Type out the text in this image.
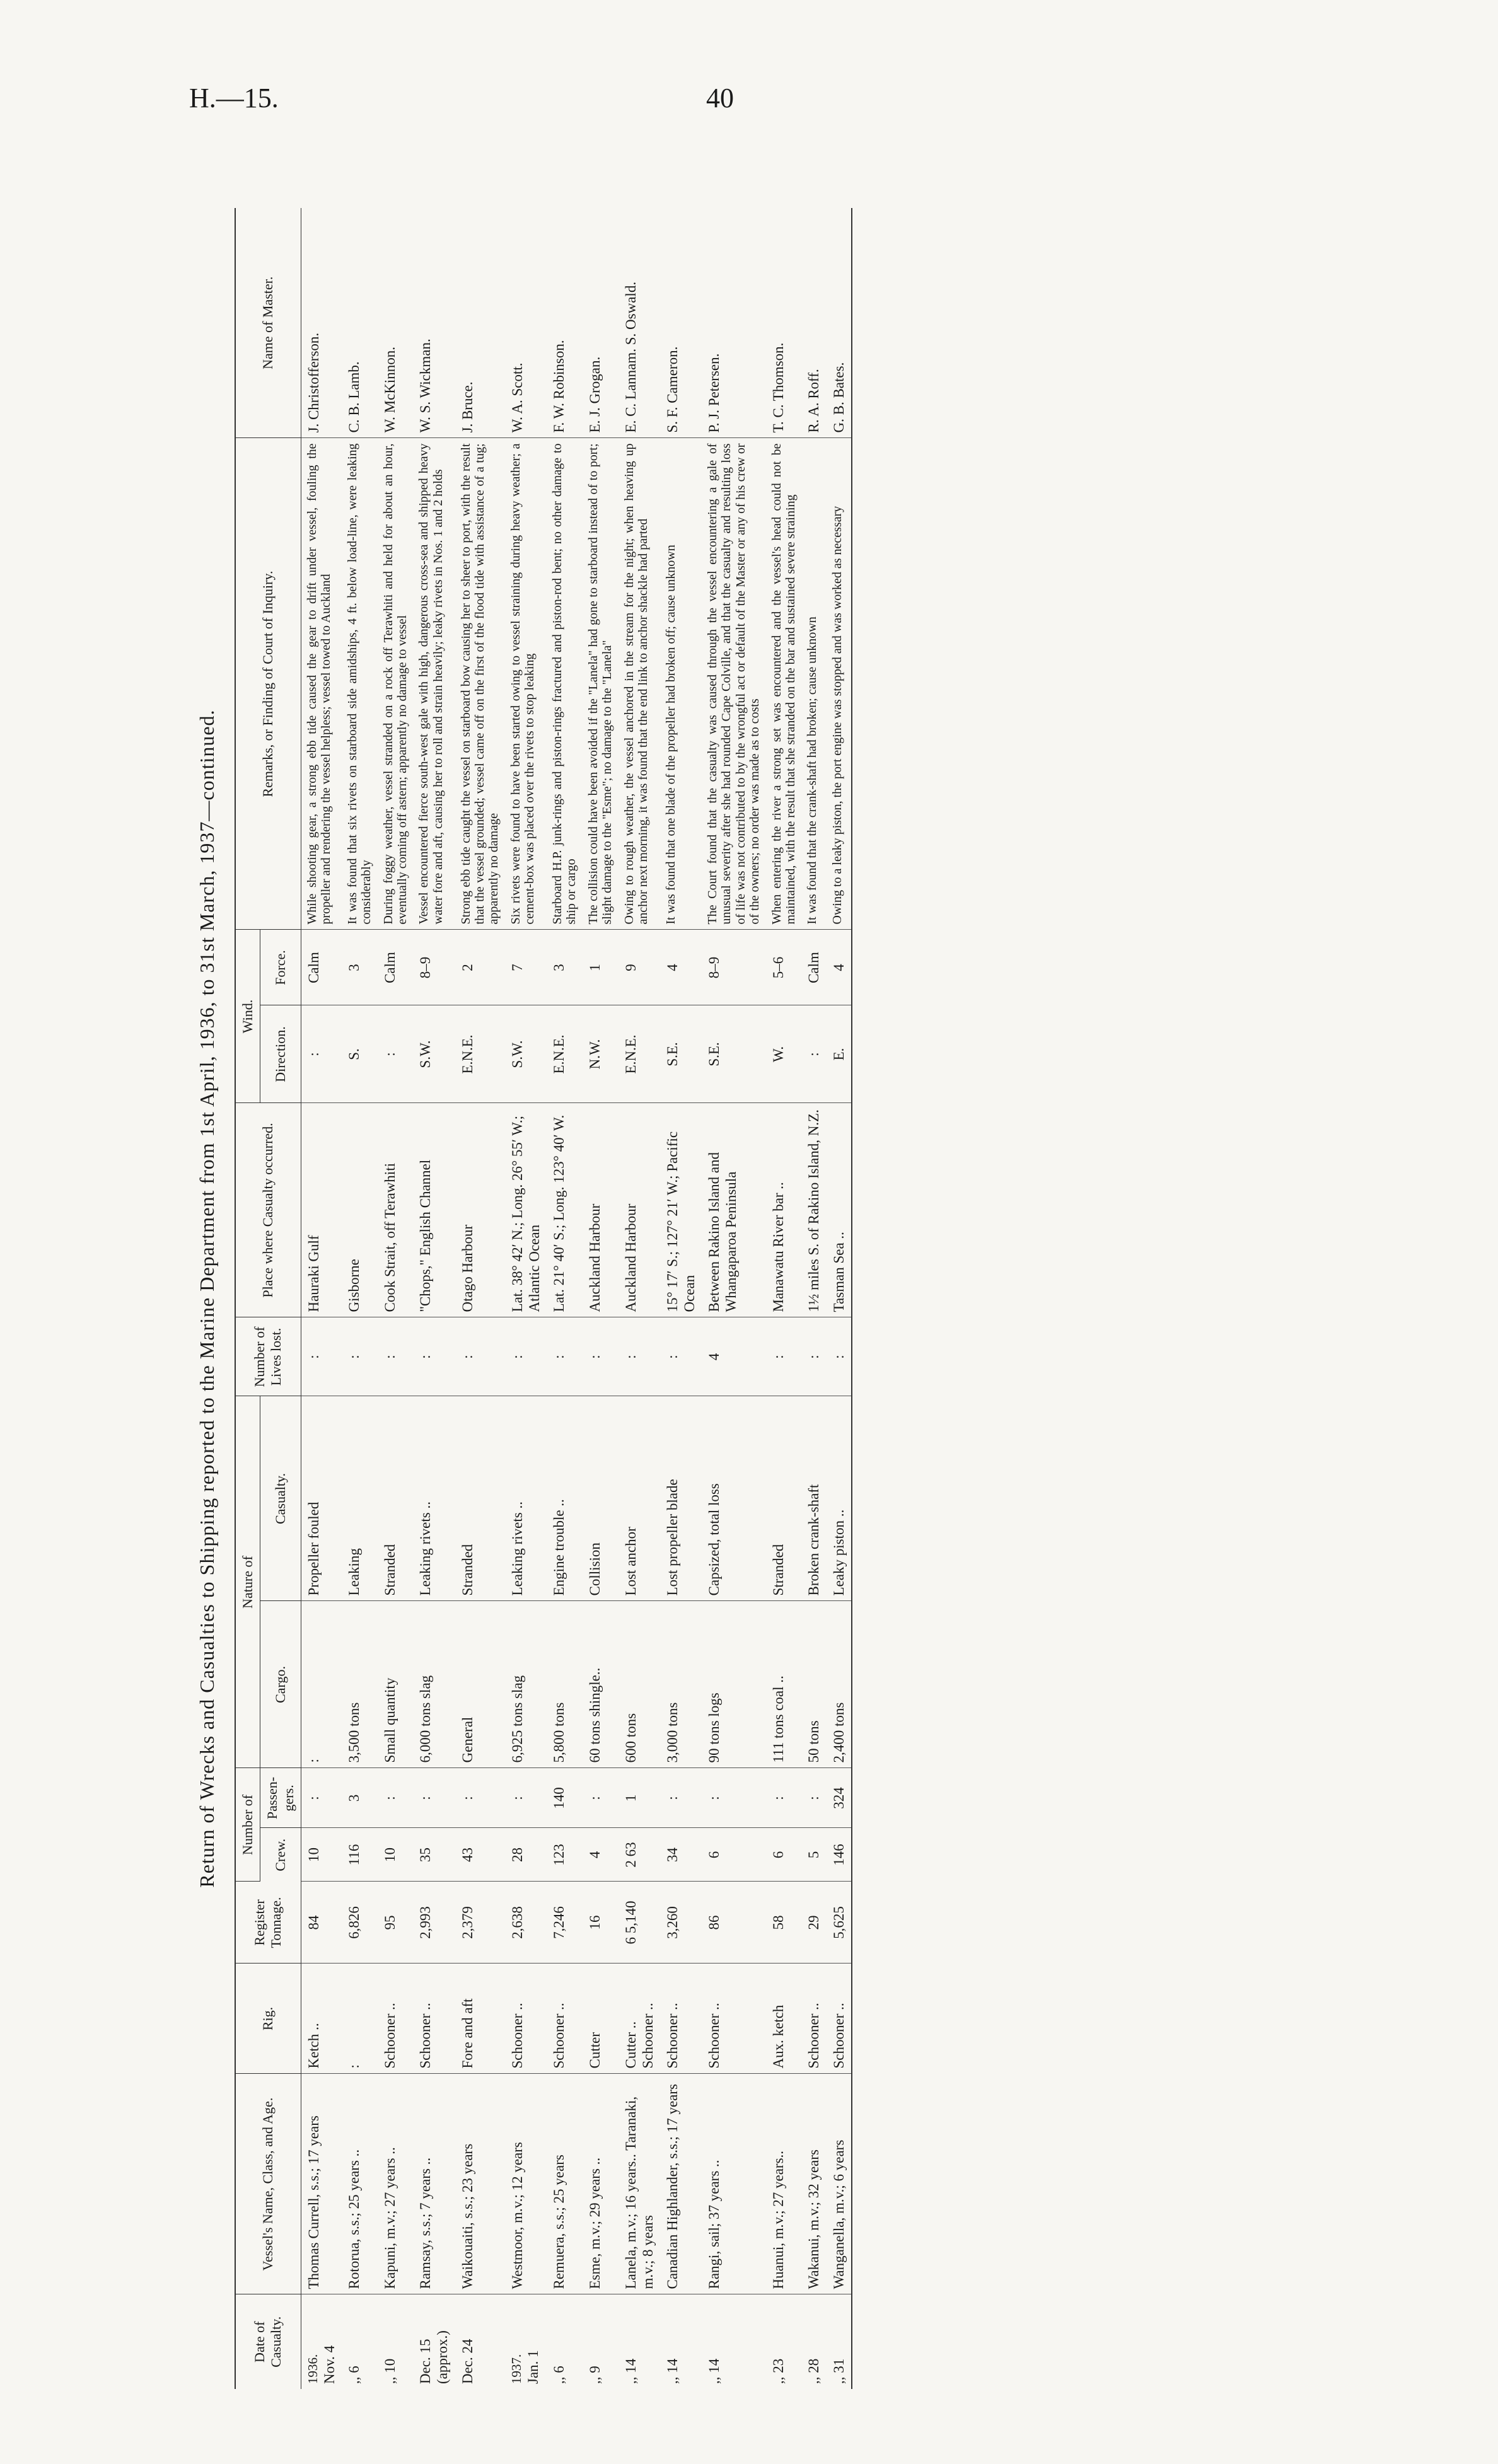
H.—15.	40
Return of Wrecks and Casualties to Shipping reported to the Marine Department from 1st April, 1936, to 31st March, 1937—continued.
Date of Casualty.	Vessel's Name, Class, and Age.	Rig.	Register Tonnage.	Number of		Nature of		Number of Lives lost.	Place where Casualty occurred.	Wind.		Remarks, or Finding of Court of Inquiry.	Name of Master.
				Crew.	Passen-gers.	Cargo.	Casualty.			Direction.	Force.		

1936. Nov. 4	Thomas Currell, s.s.; 17 years	Ketch ..	84	10	:	:	Propeller fouled	:	Hauraki Gulf	:	Calm	While shooting gear, a strong ebb tide caused the gear to drift under vessel, fouling the propeller and rendering the vessel helpless; vessel towed to Auckland	J. Christofferson.
,, 6	Rotorua, s.s.; 25 years ..	:	6,826	116	3	3,500 tons	Leaking	:	Gisborne	S.	3	It was found that six rivets on starboard side amidships, 4 ft. below load-line, were leaking considerably	C. B. Lamb.
,, 10	Kapuni, m.v.; 27 years ..	Schooner ..	95	10	:	Small quantity	Stranded	:	Cook Strait, off Terawhiti	:	Calm	During foggy weather, vessel stranded on a rock off Terawhiti and held for about an hour, eventually coming off astern; apparently no damage to vessel	W. McKinnon.
Dec. 15 (approx.)	Ramsay, s.s.; 7 years ..	Schooner ..	2,993	35	:	6,000 tons slag	Leaking rivets ..	:	"Chops," English Channel	S.W.	8–9	Vessel encountered fierce south-west gale with high, dangerous cross-sea and shipped heavy water fore and aft, causing her to roll and strain heavily; leaky rivets in Nos. 1 and 2 holds	W. S. Wickman.
Dec. 24	Waikouaiti, s.s.; 23 years	Fore and aft	2,379	43	:	General	Stranded	:	Otago Harbour	E.N.E.	2	Strong ebb tide caught the vessel on starboard bow causing her to sheer to port, with the result that the vessel grounded; vessel came off on the first of the flood tide with assistance of a tug; apparently no damage	J. Bruce.

1937. Jan. 1	Westmoor, m.v.; 12 years	Schooner ..	2,638	28	:	6,925 tons slag	Leaking rivets ..	:	Lat. 38° 42′ N.; Long. 26° 55′ W.; Atlantic Ocean	S.W.	7	Six rivets were found to have been started owing to vessel straining during heavy weather; a cement-box was placed over the rivets to stop leaking	W. A. Scott.
,, 6	Remuera, s.s.; 25 years	Schooner ..	7,246	123	140	5,800 tons	Engine trouble ..	:	Lat. 21° 40′ S.; Long. 123° 40′ W.	E.N.E.	3	Starboard H.P. junk-rings and piston-rings fractured and piston-rod bent; no other damage to ship or cargo	F. W. Robinson.
,, 9	Esme, m.v.; 29 years ..	Cutter	16	4	:	60 tons shingle..	Collision	:	Auckland Harbour	N.W.	1	The collision could have been avoided if the "Lanela" had gone to starboard instead of to port; slight damage to the "Esme"; no damage to the "Lanela"	E. J. Grogan.
,, 14	Lanela, m.v.; 16 years.. Taranaki, m.v.; 8 years	Cutter .. Schooner ..	6 5,140	2 63	1	600 tons	Lost anchor	:	Auckland Harbour	E.N.E.	9	Owing to rough weather, the vessel anchored in the stream for the night; when heaving up anchor next morning, it was found that the end link to anchor shackle had parted	E. C. Lannam. S. Oswald.
,, 14	Canadian Highlander, s.s.; 17 years	Schooner ..	3,260	34	:	3,000 tons	Lost propeller blade	:	15° 17′ S.; 127° 21′ W.; Pacific Ocean	S.E.	4	It was found that one blade of the propeller had broken off; cause unknown	S. F. Cameron.
,, 14	Rangi, sail; 37 years ..	Schooner ..	86	6	:	90 tons logs	Capsized, total loss	4	Between Rakino Island and Whangaparoa Peninsula	S.E.	8–9	The Court found that the casualty was caused through the vessel encountering a gale of unusual severity after she had rounded Cape Colville, and that the casualty and resulting loss of life was not contributed to by the wrongful act or default of the Master or any of his crew or of the owners; no order was made as to costs	P. J. Petersen.
,, 23	Huanui, m.v.; 27 years..	Aux. ketch	58	6	:	111 tons coal ..	Stranded	:	Manawatu River bar ..	W.	5–6	When entering the river a strong set was encountered and the vessel's head could not be maintained, with the result that she stranded on the bar and sustained severe straining	T. C. Thomson.
,, 28	Wakanui, m.v.; 32 years	Schooner ..	29	5	:	50 tons	Broken crank-shaft	:	1½ miles S. of Rakino Island, N.Z.	:	Calm	It was found that the crank-shaft had broken; cause unknown	R. A. Roff.
,, 31	Wanganella, m.v.; 6 years	Schooner ..	5,625	146	324	2,400 tons	Leaky piston ..	:	Tasman Sea ..	E.	4	Owing to a leaky piston, the port engine was stopped and was worked as necessary	G. B. Bates.
